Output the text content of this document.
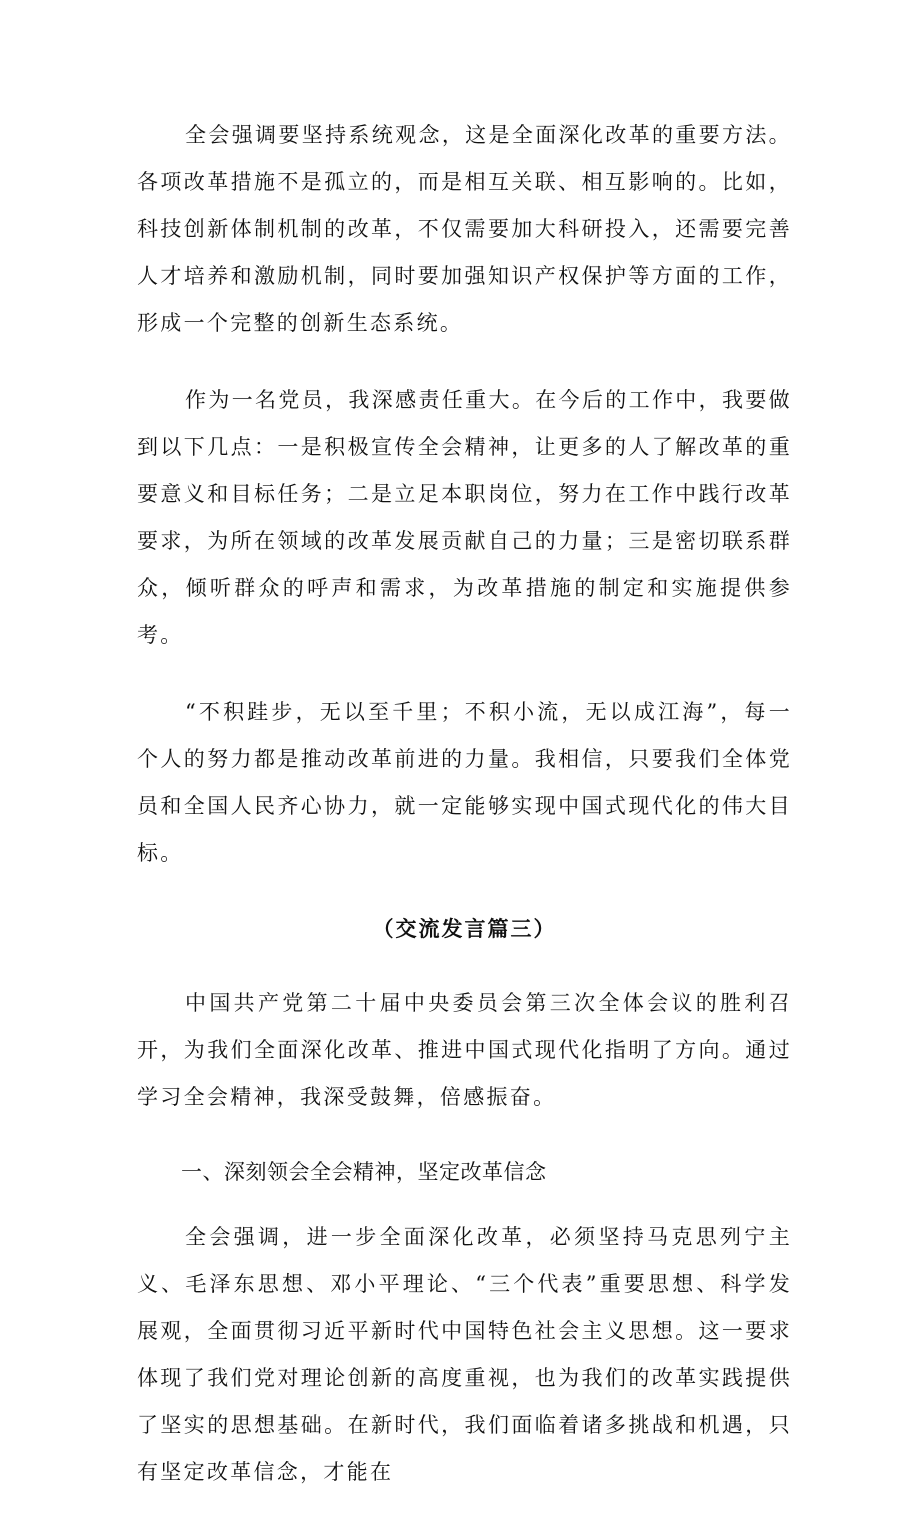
全会强调要坚持系统观念，这是全面深化改革的重要方法。各项改革措施不是孤立的，而是相互关联、相互影响的。比如，科技创新体制机制的改革，不仅需要加大科研投入，还需要完善人才培养和激励机制，同时要加强知识产权保护等方面的工作，形成一个完整的创新生态系统。

作为一名党员，我深感责任重大。在今后的工作中，我要做到以下几点：一是积极宣传全会精神，让更多的人了解改革的重要意义和目标任务；二是立足本职岗位，努力在工作中践行改革要求，为所在领域的改革发展贡献自己的力量；三是密切联系群众，倾听群众的呼声和需求，为改革措施的制定和实施提供参考。

“不积跬步，无以至千里；不积小流，无以成江海”，每一个人的努力都是推动改革前进的力量。我相信，只要我们全体党员和全国人民齐心协力，就一定能够实现中国式现代化的伟大目标。

（交流发言篇三）

中国共产党第二十届中央委员会第三次全体会议的胜利召开，为我们全面深化改革、推进中国式现代化指明了方向。通过学习全会精神，我深受鼓舞，倍感振奋。

一、深刻领会全会精神，坚定改革信念

全会强调，进一步全面深化改革，必须坚持马克思列宁主义、毛泽东思想、邓小平理论、“三个代表”重要思想、科学发展观，全面贯彻习近平新时代中国特色社会主义思想。这一要求体现了我们党对理论创新的高度重视，也为我们的改革实践提供了坚实的思想基础。在新时代，我们面临着诸多挑战和机遇，只有坚定改革信念，才能在
